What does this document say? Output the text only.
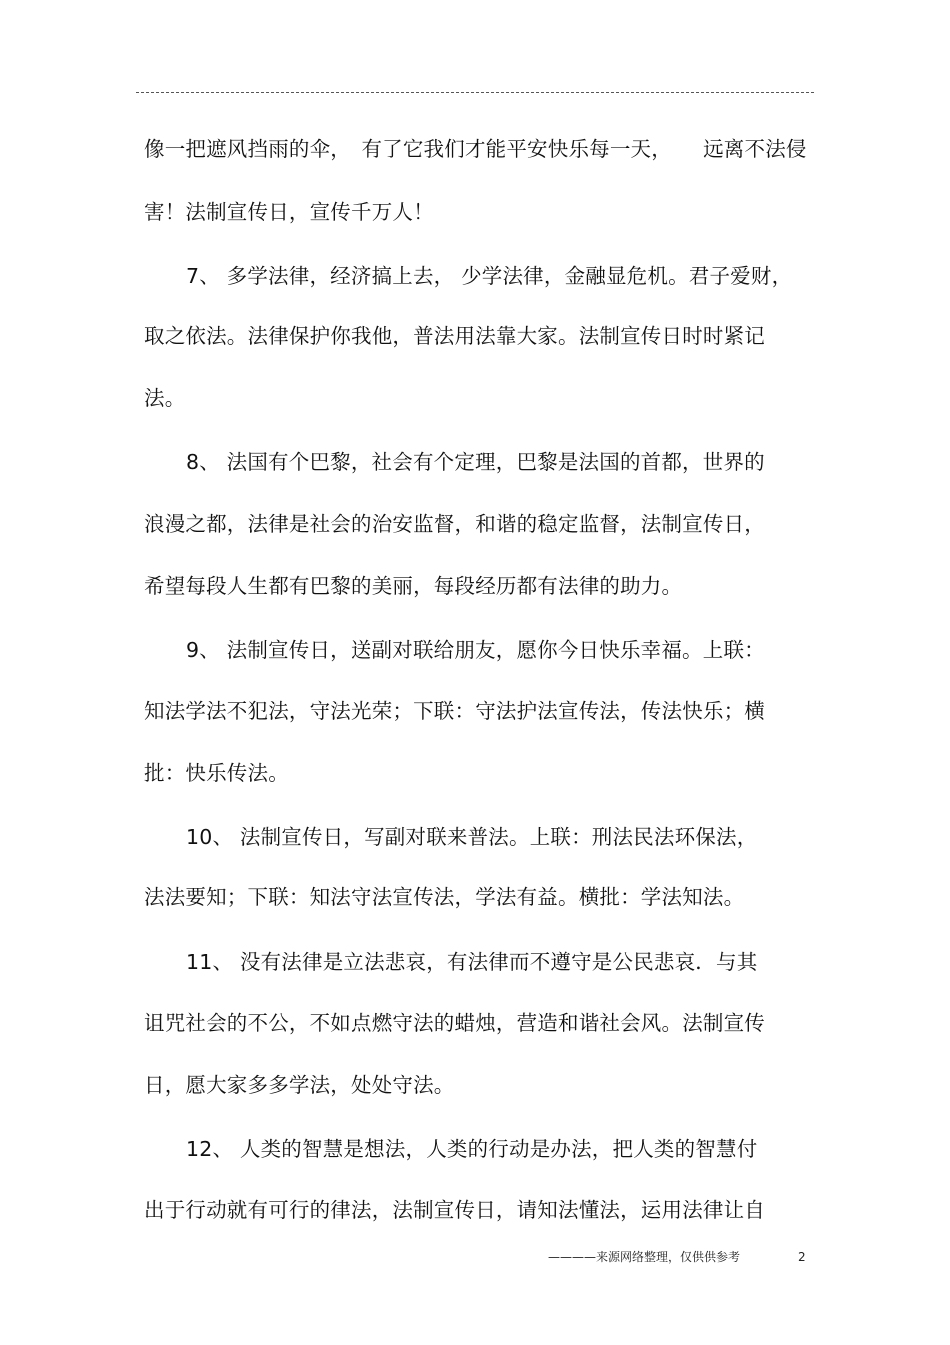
像一把遮风挡雨的伞，　有了它我们才能平安快乐每一天，　　远离不法侵
害！法制宣传日，宣传千万人！
7、 多学法律，经济搞上去， 少学法律，金融显危机。君子爱财，
取之依法。法律保护你我他，普法用法靠大家。法制宣传日时时紧记
法。
8、 法国有个巴黎，社会有个定理，巴黎是法国的首都，世界的
浪漫之都，法律是社会的治安监督，和谐的稳定监督，法制宣传日，
希望每段人生都有巴黎的美丽，每段经历都有法律的助力。
9、 法制宣传日，送副对联给朋友，愿你今日快乐幸福。上联：
知法学法不犯法，守法光荣；下联：守法护法宣传法，传法快乐；横
批：快乐传法。
10、 法制宣传日，写副对联来普法。上联：刑法民法环保法，
法法要知；下联：知法守法宣传法，学法有益。横批：学法知法。
11、 没有法律是立法悲哀，有法律而不遵守是公民悲哀．与其
诅咒社会的不公，不如点燃守法的蜡烛，营造和谐社会风。法制宣传
日，愿大家多多学法，处处守法。
12、 人类的智慧是想法，人类的行动是办法，把人类的智慧付
出于行动就有可行的律法，法制宣传日，请知法懂法，运用法律让自
————来源网络整理，仅供供参考	2
